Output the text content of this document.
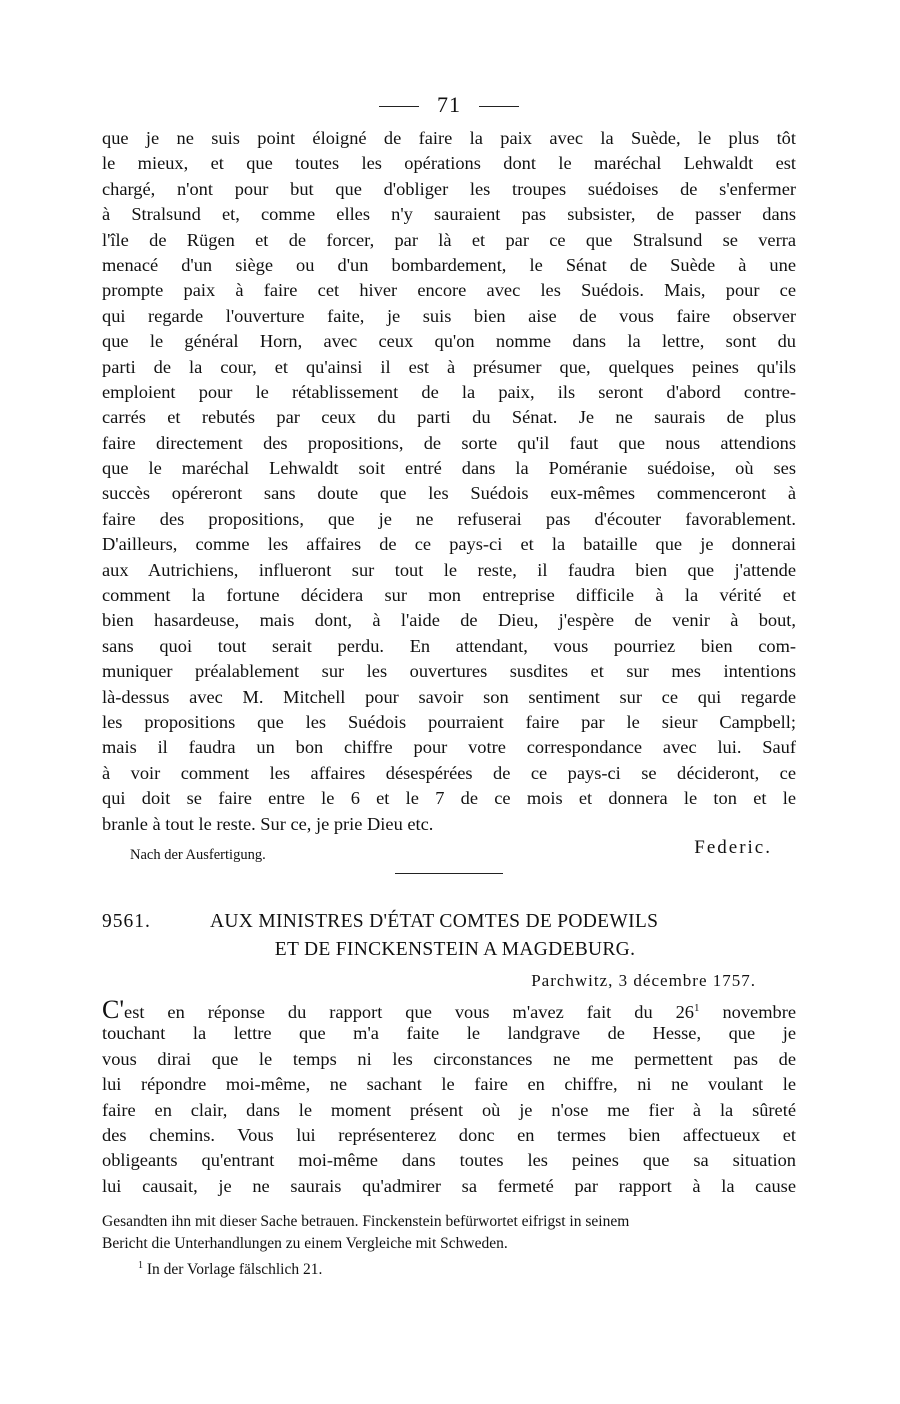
71
que je ne suis point éloigné de faire la paix avec la Suède, le plus tôt
le mieux, et que toutes les opérations dont le maréchal Lehwaldt est
chargé, n'ont pour but que d'obliger les troupes suédoises de s'enfermer
à Stralsund et, comme elles n'y sauraient pas subsister, de passer dans
l'île de Rügen et de forcer, par là et par ce que Stralsund se verra
menacé d'un siège ou d'un bombardement, le Sénat de Suède à une
prompte paix à faire cet hiver encore avec les Suédois. Mais, pour ce
qui regarde l'ouverture faite, je suis bien aise de vous faire observer
que le général Horn, avec ceux qu'on nomme dans la lettre, sont du
parti de la cour, et qu'ainsi il est à présumer que, quelques peines qu'ils
emploient pour le rétablissement de la paix, ils seront d'abord contre-
carrés et rebutés par ceux du parti du Sénat. Je ne saurais de plus
faire directement des propositions, de sorte qu'il faut que nous attendions
que le maréchal Lehwaldt soit entré dans la Poméranie suédoise, où ses
succès opéreront sans doute que les Suédois eux-mêmes commenceront à
faire des propositions, que je ne refuserai pas d'écouter favorablement.
D'ailleurs, comme les affaires de ce pays-ci et la bataille que je donnerai
aux Autrichiens, influeront sur tout le reste, il faudra bien que j'attende
comment la fortune décidera sur mon entreprise difficile à la vérité et
bien hasardeuse, mais dont, à l'aide de Dieu, j'espère de venir à bout,
sans quoi tout serait perdu. En attendant, vous pourriez bien com-
muniquer préalablement sur les ouvertures susdites et sur mes intentions
là-dessus avec M. Mitchell pour savoir son sentiment sur ce qui regarde
les propositions que les Suédois pourraient faire par le sieur Campbell;
mais il faudra un bon chiffre pour votre correspondance avec lui. Sauf
à voir comment les affaires désespérées de ce pays-ci se décideront, ce
qui doit se faire entre le 6 et le 7 de ce mois et donnera le ton et le
branle à tout le reste. Sur ce, je prie Dieu etc.
Nach der Ausfertigung.	Federic.
9561.	AUX MINISTRES D'ÉTAT COMTES DE PODEWILS
ET DE FINCKENSTEIN A MAGDEBURG.
Parchwitz, 3 décembre 1757.
C'est en réponse du rapport que vous m'avez fait du $26^1$ novembre
touchant la lettre que m'a faite le landgrave de Hesse, que je
vous dirai que le temps ni les circonstances ne me permettent pas de
lui répondre moi-même, ne sachant le faire en chiffre, ni ne voulant le
faire en clair, dans le moment présent où je n'ose me fier à la sûreté
des chemins. Vous lui représenterez donc en termes bien affectueux et
obligeants qu'entrant moi-même dans toutes les peines que sa situation
lui causait, je ne saurais qu'admirer sa fermeté par rapport à la cause
Gesandten ihn mit dieser Sache betrauen. Finckenstein befürwortet eifrigst in seinem
Bericht die Unterhandlungen zu einem Vergleiche mit Schweden.
$^1$ In der Vorlage fälschlich 21.
